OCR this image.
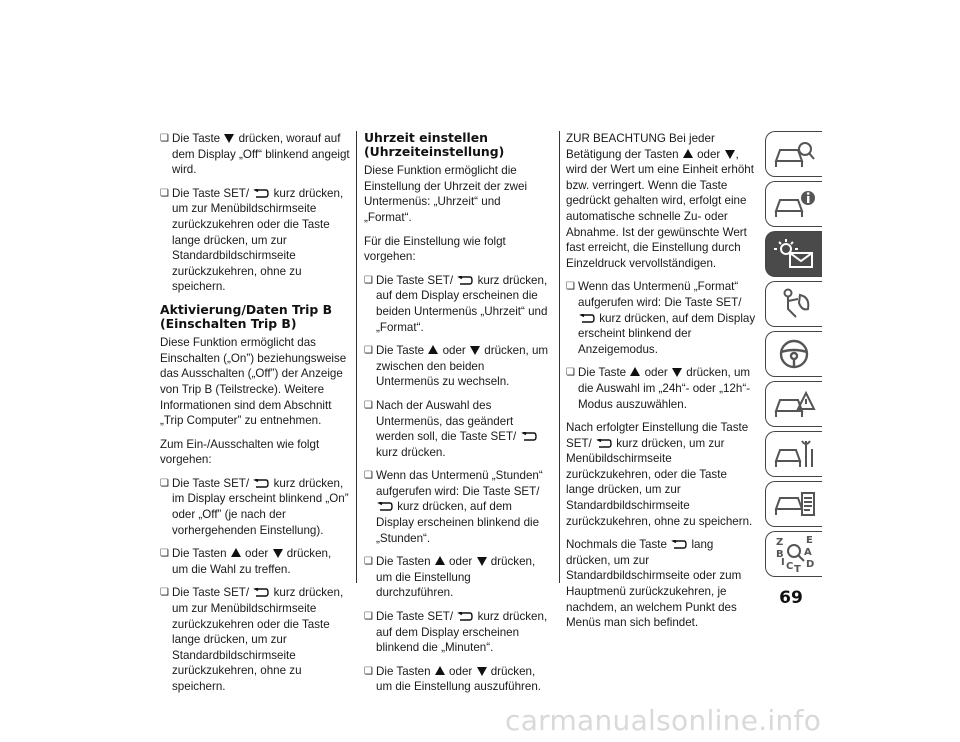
❏ Die Taste drücken, worauf auf dem Display „Off“ blinkend angeigt wird.
❏ Die Taste SET/ kurz drücken, um zur Menübildschirmseite zurückzukehren oder die Taste lange drücken, um zur Standardbildschirmseite zurückzukehren, ohne zu speichern.
Aktivierung/Daten Trip B (Einschalten Trip B)

Diese Funktion ermöglicht das Einschalten („On”) beziehungsweise das Ausschalten („Off”) der Anzeige von Trip B (Teilstrecke). Weitere Informationen sind dem Abschnitt „Trip Computer” zu entnehmen.

Zum Ein-/Ausschalten wie folgt vorgehen:

❏ Die Taste SET/ kurz drücken, im Display erscheint blinkend „On” oder „Off” (je nach der vorhergehenden Einstellung).
❏ Die Tasten oder drücken, um die Wahl zu treffen.
❏ Die Taste SET/ kurz drücken, um zur Menübildschirmseite zurückzukehren oder die Taste lange drücken, um zur Standardbildschirmseite zurückzukehren, ohne zu speichern.
Uhrzeit einstellen (Uhrzeiteinstellung)

Diese Funktion ermöglicht die Einstellung der Uhrzeit der zwei Untermenüs: „Uhrzeit“ und „Format“.

Für die Einstellung wie folgt vorgehen:

❏ Die Taste SET/ kurz drücken, auf dem Display erscheinen die beiden Untermenüs „Uhrzeit“ und „Format“.
❏ Die Taste oder drücken, um zwischen den beiden Untermenüs zu wechseln.
❏ Nach der Auswahl des Untermenüs, das geändert werden soll, die Taste SET/
kurz drücken.
❏ Wenn das Untermenü „Stunden“ aufgerufen wird: Die Taste SET/
kurz drücken, auf dem Display erscheinen blinkend die „Stunden“.
❏ Die Tasten oder drücken, um die Einstellung durchzuführen.
❏ Die Taste SET/ kurz drücken, auf dem Display erscheinen blinkend die „Minuten“.
❏ Die Tasten oder drücken, um die Einstellung auszuführen.

ZUR BEACHTUNG Bei jeder Betätigung der Tasten oder , wird der Wert um eine Einheit erhöht bzw. verringert. Wenn die Taste gedrückt gehalten wird, erfolgt eine automatische schnelle Zu- oder Abnahme. Ist der gewünschte Wert fast erreicht, die Einstellung durch Einzeldruck vervollständigen.

❏ Wenn das Untermenü „Format“ aufgerufen wird: Die Taste SET/
kurz drücken, auf dem Display erscheint blinkend der Anzeigemodus.
❏ Die Taste oder drücken, um die Auswahl im „24h“- oder „12h“-Modus auszuwählen.

Nach erfolgter Einstellung die Taste SET/ kurz drücken, um zur Menübildschirmseite zurückzukehren, oder die Taste lange drücken, um zur Standardbildschirmseite zurückzukehren, ohne zu speichern.

Nochmals die Taste lang drücken, um zur Standardbildschirmseite oder zum Hauptmenü zurückzukehren, je nachdem, an welchem Punkt des Menüs man sich befindet.

Z E
B A
C D
I
T
69
carmanualsonline.info
